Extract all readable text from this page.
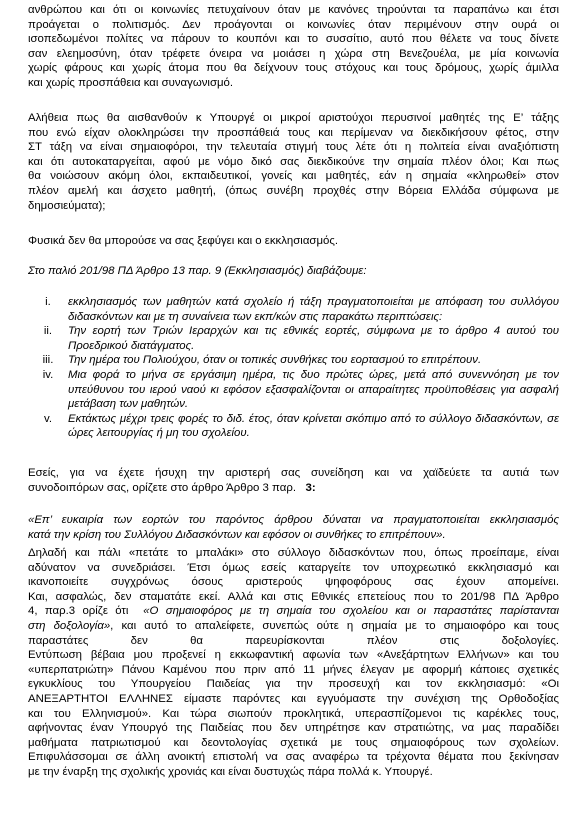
ανθρώπου και ότι οι κοινωνίες πετυχαίνουν όταν με κανόνες τηρούνται τα παραπάνω και έτσι
προάγεται ο πολιτισμός. Δεν προάγονται οι κοινωνίες όταν περιμένουν στην ουρά οι
ισοπεδωμένοι πολίτες να πάρουν το κουπόνι και το συσσίτιο, αυτό που θέλετε να τους δίνετε
σαν ελεημοσύνη, όταν τρέφετε όνειρα να μοιάσει η χώρα στη Βενεζουέλα, με μία κοινωνία
χωρίς φάρους και χωρίς άτομα που θα δείχνουν τους στόχους και τους δρόμους, χωρίς άμιλλα
και χωρίς προσπάθεια και συναγωνισμό.
Αλήθεια πως θα αισθανθούν κ Υπουργέ οι μικροί αριστούχοι περυσινοί μαθητές της Ε’ τάξης
που ενώ είχαν ολοκληρώσει την προσπάθειά τους και περίμεναν να διεκδικήσουν φέτος, στην
ΣΤ τάξη να είναι σημαιοφόροι, την τελευταία στιγμή τους λέτε ότι η πολιτεία είναι αναξιόπιστη
και ότι αυτοκαταργείται, αφού με νόμο δικό σας διεκδικούνε την σημαία πλέον όλοι; Και πως
θα νοιώσουν ακόμη όλοι, εκπαιδευτικοί, γονείς και μαθητές, εάν η σημαία «κληρωθεί» στον
πλέον αμελή και άσχετο μαθητή, (όπως συνέβη προχθές στην Βόρεια Ελλάδα σύμφωνα με
δημοσιεύματα);
Φυσικά δεν θα μπορούσε να σας ξεφύγει και ο εκκλησιασμός.
Στο παλιό 201/98 ΠΔ Άρθρο 13 παρ. 9 (Εκκλησιασμός) διαβάζουμε:
i.	εκκλησιασμός των μαθητών κατά σχολείο ή τάξη πραγματοποιείται με απόφαση του συλλόγου διδασκόντων και με τη συναίνεια των εκπ/κών στις παρακάτω περιπτώσεις:
ii.	Την εορτή των Τριών Ιεραρχών και τις εθνικές εορτές, σύμφωνα με το άρθρο 4 αυτού του Προεδρικού διατάγματος.
iii.	Την ημέρα του Πολιούχου, όταν οι τοπικές συνθήκες του εορτασμού το επιτρέπουν.
iv.	Μια φορά το μήνα σε εργάσιμη ημέρα, τις δυο πρώτες ώρες, μετά από συνεννόηση με τον υπεύθυνου του ιερού ναού κι εφόσον εξασφαλίζονται οι απαραίτητες προϋποθέσεις για ασφαλή μετάβαση των μαθητών.
v.	Εκτάκτως μέχρι τρεις φορές το διδ. έτος, όταν κρίνεται σκόπιμο από το σύλλογο διδασκόντων, σε ώρες λειτουργίας ή μη του σχολείου.
Εσείς, για να έχετε ήσυχη την αριστερή σας συνείδηση και να χαϊδεύετε τα αυτιά των
συνοδοιπόρων σας, ορίζετε στο άρθρο Άρθρο 3 παρ. 3:
«Επ’ ευκαιρία των εορτών του παρόντος άρθρου δύναται να πραγματοποιείται εκκλησιασμός
κατά την κρίση του Συλλόγου Διδασκόντων και εφόσον οι συνθήκες το επιτρέπουν».
Δηλαδή και πάλι «πετάτε το μπαλάκι» στο σύλλογο διδασκόντων που, όπως προείπαμε, είναι
αδύνατον να συνεδριάσει. Έτσι όμως εσείς καταργείτε τον υποχρεωτικό εκκλησιασμό και
ικανοποιείτε συγχρόνως όσους αριστερούς ψηφοφόρους σας έχουν απομείνει.
Και, ασφαλώς, δεν σταματάτε εκεί. Αλλά και στις Εθνικές επετείους που το 201/98 ΠΔ Άρθρο
4, παρ.3 ορίζε ότι «Ο σημαιοφόρος με τη σημαία του σχολείου και οι παραστάτες παρίστανται
στη δοξολογία», και αυτό το απαλείφετε, συνεπώς ούτε η σημαία με το σημαιοφόρο και τους
παραστάτες δεν θα παρευρίσκονται πλέον στις δοξολογίες.
Εντύπωση βέβαια μου προξενεί η εκκωφαντική αφωνία των «Ανεξάρτητων Ελλήνων» και του
«υπερπατριώτη» Πάνου Καμένου που πριν από 11 μήνες έλεγαν με αφορμή κάποιες σχετικές
εγκυκλίους του Υπουργείου Παιδείας για την προσευχή και τον εκκλησιασμό: «Οι
ΑΝΕΞΑΡΤΗΤΟΙ ΕΛΛΗΝΕΣ είμαστε παρόντες και εγγυόμαστε την συνέχιση της Ορθοδοξίας
και του Ελληνισμού». Και τώρα σιωπούν προκλητικά, υπερασπίζομενοι τις καρέκλες τους,
αφήνοντας έναν Υπουργό της Παιδείας που δεν υπηρέτησε καν στρατιώτης, να μας παραδίδει
μαθήματα πατριωτισμού και δεοντολογίας σχετικά με τους σημαιοφόρους των σχολείων.
Επιφυλάσσομαι σε άλλη ανοικτή επιστολή να σας αναφέρω τα τρέχοντα θέματα που ξεκίνησαν
με την έναρξη της σχολικής χρονιάς και είναι δυστυχώς πάρα πολλά κ. Υπουργέ.
